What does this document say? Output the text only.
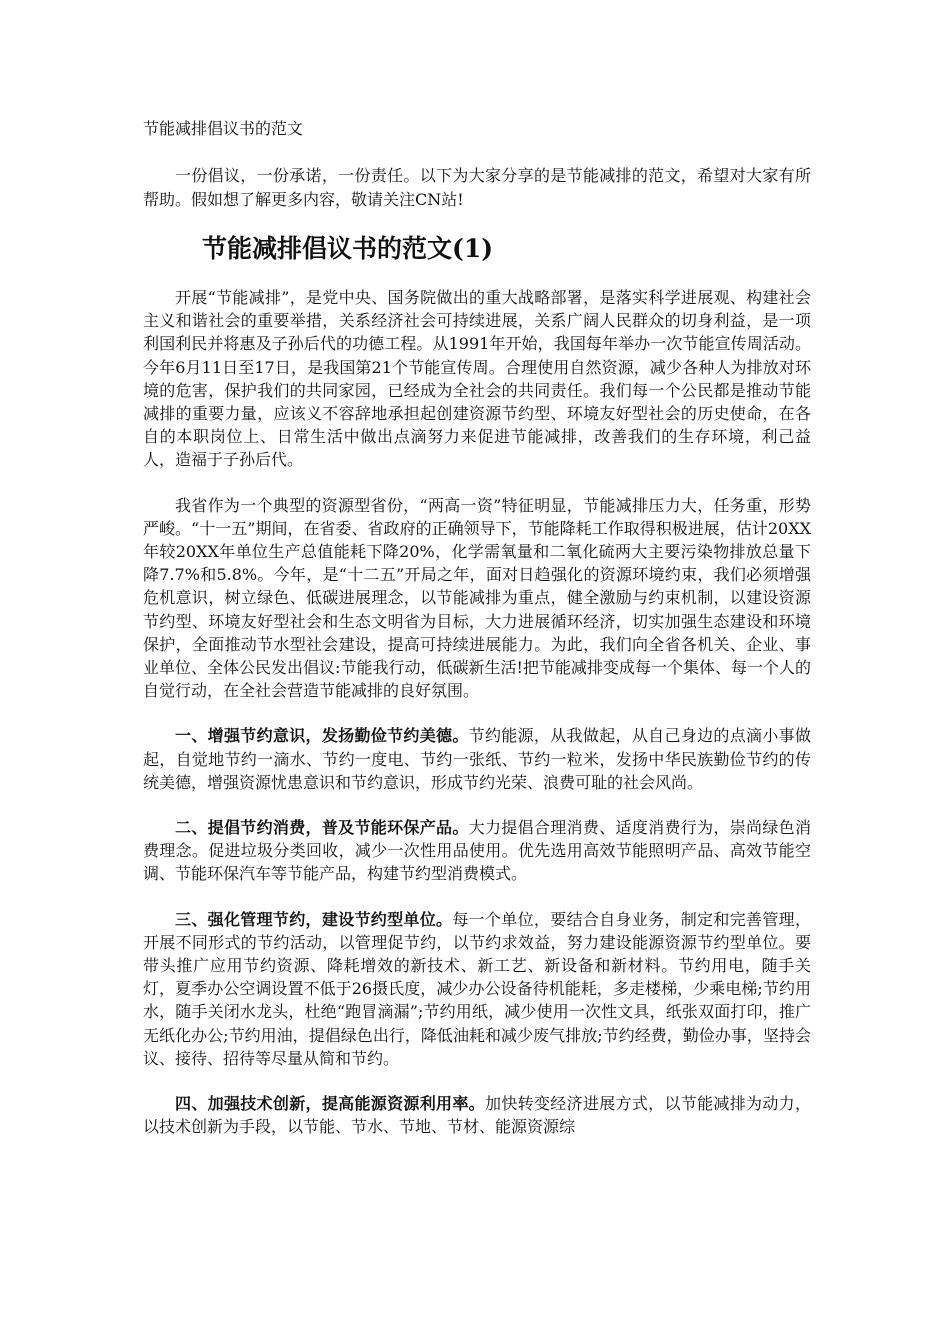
节能减排倡议书的范文

一份倡议，一份承诺，一份责任。以下为大家分享的是节能减排的范文，希望对大家有所帮助。假如想了解更多内容，敬请关注CN站!

节能减排倡议书的范文(1)

开展“节能减排”，是党中央、国务院做出的重大战略部署，是落实科学进展观、构建社会主义和谐社会的重要举措，关系经济社会可持续进展，关系广阔人民群众的切身利益，是一项利国利民并将惠及子孙后代的功德工程。从1991年开始，我国每年举办一次节能宣传周活动。今年6月11日至17日，是我国第21个节能宣传周。合理使用自然资源，减少各种人为排放对环境的危害，保护我们的共同家园，已经成为全社会的共同责任。我们每一个公民都是推动节能减排的重要力量，应该义不容辞地承担起创建资源节约型、环境友好型社会的历史使命，在各自的本职岗位上、日常生活中做出点滴努力来促进节能减排，改善我们的生存环境，利己益人，造福于子孙后代。

我省作为一个典型的资源型省份，“两高一资”特征明显，节能减排压力大，任务重，形势严峻。“十一五”期间，在省委、省政府的正确领导下，节能降耗工作取得积极进展，估计20XX年较20XX年单位生产总值能耗下降20%，化学需氧量和二氧化硫两大主要污染物排放总量下降7.7%和5.8%。今年，是“十二五”开局之年，面对日趋强化的资源环境约束，我们必须增强危机意识，树立绿色、低碳进展理念，以节能减排为重点，健全激励与约束机制，以建设资源节约型、环境友好型社会和生态文明省为目标，大力进展循环经济，切实加强生态建设和环境保护，全面推动节水型社会建设，提高可持续进展能力。为此，我们向全省各机关、企业、事业单位、全体公民发出倡议:节能我行动，低碳新生活!把节能减排变成每一个集体、每一个人的自觉行动，在全社会营造节能减排的良好氛围。

一、增强节约意识，发扬勤俭节约美德。节约能源，从我做起，从自己身边的点滴小事做起，自觉地节约一滴水、节约一度电、节约一张纸、节约一粒米，发扬中华民族勤俭节约的传统美德，增强资源忧患意识和节约意识，形成节约光荣、浪费可耻的社会风尚。

二、提倡节约消费，普及节能环保产品。大力提倡合理消费、适度消费行为，崇尚绿色消费理念。促进垃圾分类回收，减少一次性用品使用。优先选用高效节能照明产品、高效节能空调、节能环保汽车等节能产品，构建节约型消费模式。

三、强化管理节约，建设节约型单位。每一个单位，要结合自身业务，制定和完善管理，开展不同形式的节约活动，以管理促节约，以节约求效益，努力建设能源资源节约型单位。要带头推广应用节约资源、降耗增效的新技术、新工艺、新设备和新材料。节约用电，随手关灯，夏季办公空调设置不低于26摄氏度，减少办公设备待机能耗，多走楼梯，少乘电梯;节约用水，随手关闭水龙头，杜绝“跑冒滴漏”;节约用纸，减少使用一次性文具，纸张双面打印，推广无纸化办公;节约用油，提倡绿色出行，降低油耗和减少废气排放;节约经费，勤俭办事，坚持会议、接待、招待等尽量从简和节约。

四、加强技术创新，提高能源资源利用率。加快转变经济进展方式，以节能减排为动力，以技术创新为手段，以节能、节水、节地、节材、能源资源综
